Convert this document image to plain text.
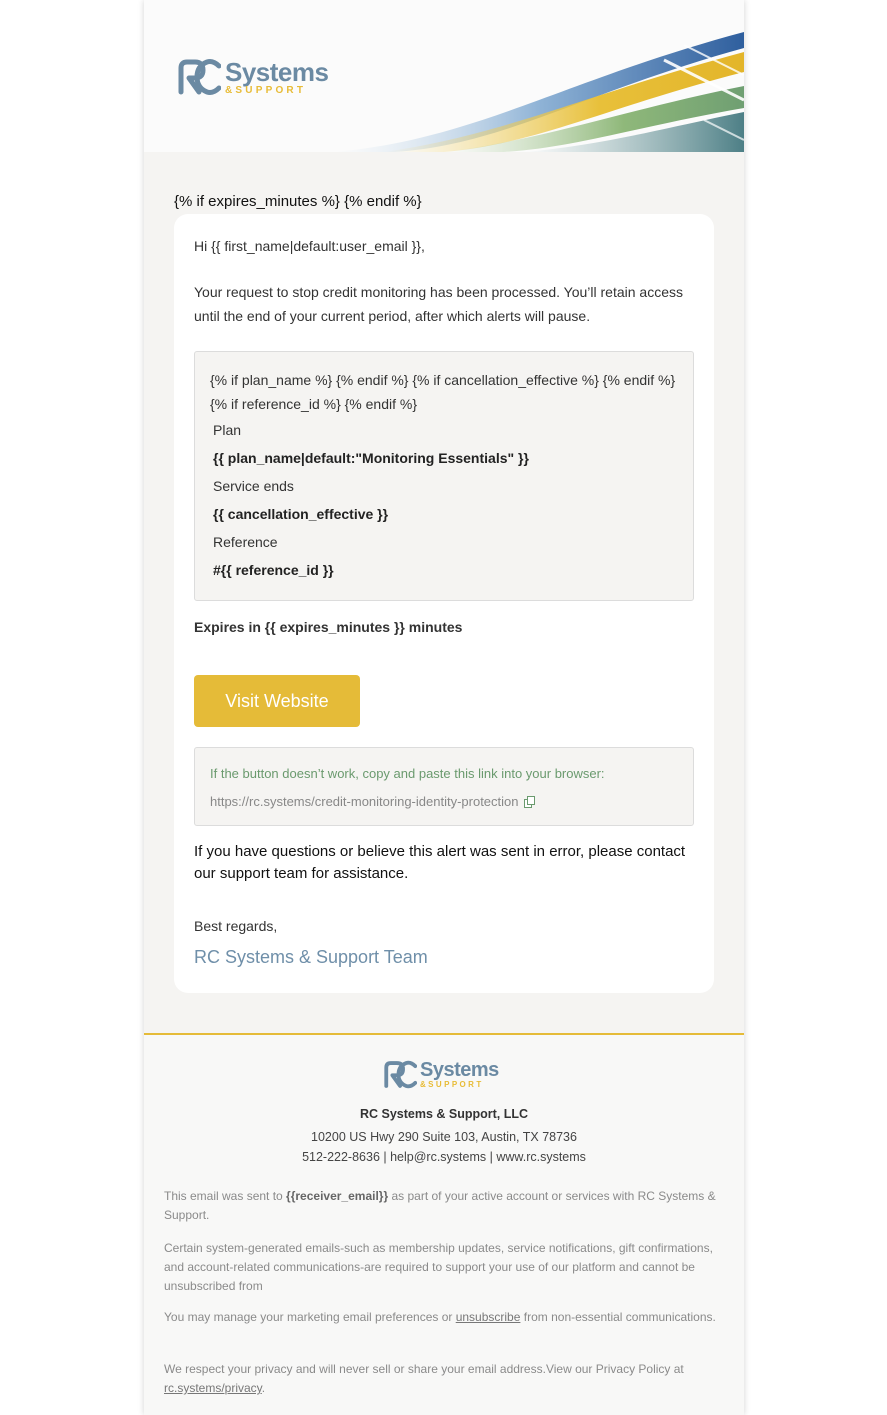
Systems
&SUPPORT
{% if expires_minutes %} {% endif %}
Hi {{ first_name|default:user_email }},
Your request to stop credit monitoring has been processed. You’ll retain access until the end of your current period, after which alerts will pause.
{% if plan_name %} {% endif %} {% if cancellation_effective %} {% endif %} {% if reference_id %} {% endif %}
Plan
{{ plan_name|default:"Monitoring Essentials" }}
Service ends
{{ cancellation_effective }}
Reference
#{{ reference_id }}
Expires in {{ expires_minutes }} minutes
Visit Website
If the button doesn’t work, copy and paste this link into your browser:
https://rc.systems/credit-monitoring-identity-protection
If you have questions or believe this alert was sent in error, please contact our support team for assistance.
Best regards,
RC Systems & Support Team
Systems
&SUPPORT
RC Systems & Support, LLC
10200 US Hwy 290 Suite 103, Austin, TX 78736
512-222-8636 | help@rc.systems | www.rc.systems
This email was sent to {{receiver_email}} as part of your active account or services with RC Systems & Support.
Certain system-generated emails-such as membership updates, service notifications, gift confirmations, and account-related communications-are required to support your use of our platform and cannot be unsubscribed from
You may manage your marketing email preferences or unsubscribe from non-essential communications.
We respect your privacy and will never sell or share your email address.View our Privacy Policy at rc.systems/privacy.
